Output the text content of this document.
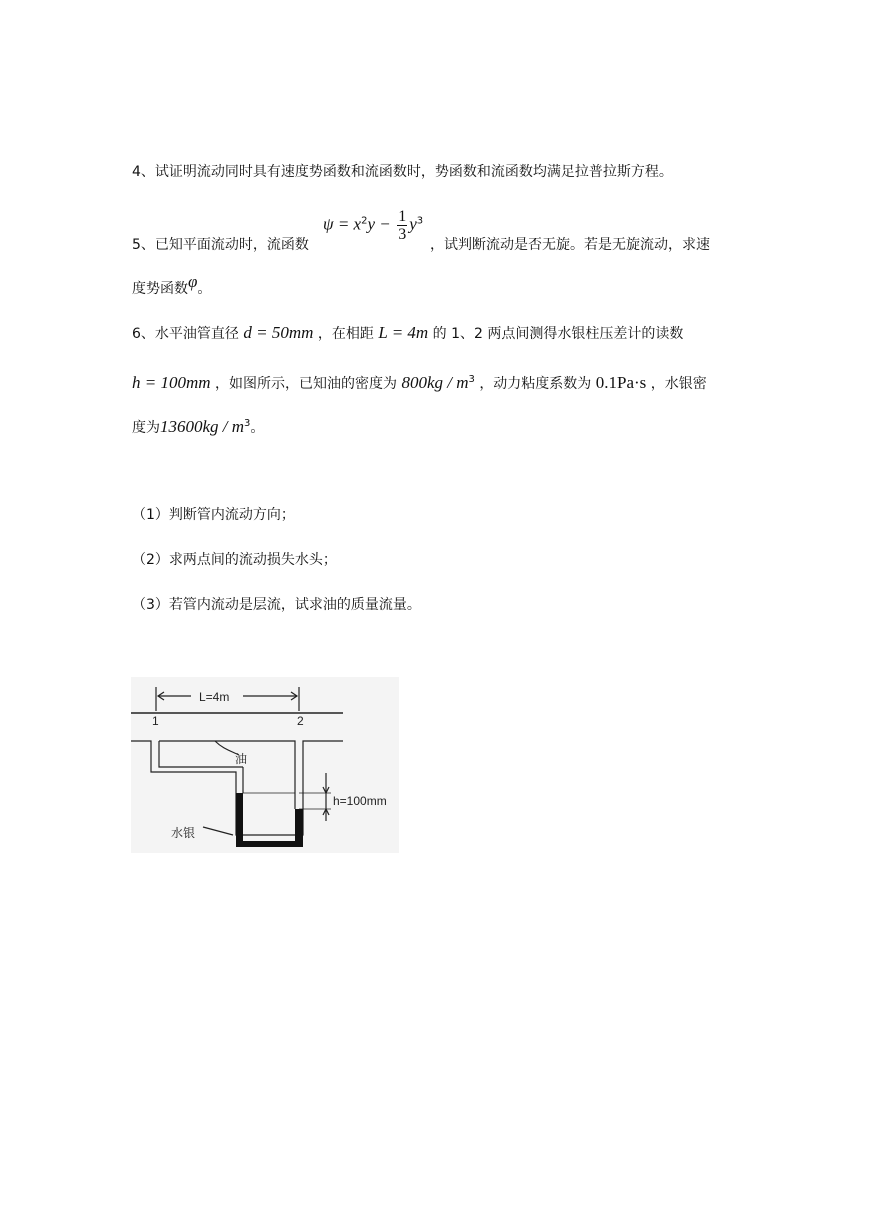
4、试证明流动同时具有速度势函数和流函数时，势函数和流函数均满足拉普拉斯方程。
5、已知平面流动时，流函数
$\psi = x^2y - \frac{1}{3} y^3$
，试判断流动是否无旋。若是无旋流动，求速
度势函数φ。
6、水平油管直径 d = 50mm ，在相距 L = 4m 的 1、2 两点间测得水银柱压差计的读数
h = 100mm ，如图所示，已知油的密度为 $800kg / m^3$ ，动力粘度系数为 0.1Pa·s ，水银密
度为$13600kg / m^3$。
（1）判断管内流动方向；
（2）求两点间的流动损失水头；
（3）若管内流动是层流，试求油的质量流量。
L=4m
1	2
油
h=100mm
水银
